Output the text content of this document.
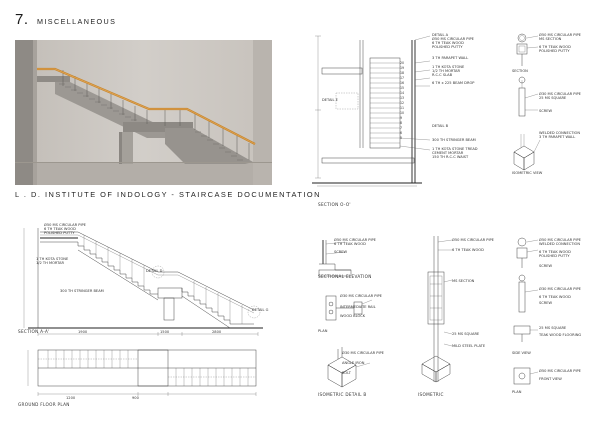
7. MISCELLANEOUS
L . D. INSTITUTE OF INDOLOGY - STAIRCASE DOCUMENTATION
20
19
18
17
16
15
14
13
12
11
10
9
8
7
6
5
DETAIL A
Ø50 MS CIRCULAR PIPE
6 TH TEAK WOOD
POLISHED PUTTY
3 TH PARAPET WALL
1 TH KOTA STONE
1/2 TH MORTAR
R.C.C SLAB
6 TH x 225 BEAM DROP
DETAIL E
DETAIL B
300 TH STRINGER BEAM
1 TH KOTA STONE TREAD
CEMENT MORTAR
150 TH R.C.C WAIST
SECTION O-O'
Ø50 MS CIRCULAR PIPE
MS SECTION
6 TH TEAK WOOD
POLISHED PUTTY
SECTION
Ø30 MS CIRCULAR PIPE
25 MS SQUARE
SCREW
WELDED CONNECTION
3 TH PARAPET WALL
ISOMETRIC VIEW
Ø50 MS CIRCULAR PIPE
6 TH TEAK WOOD
POLISHED PUTTY
1 TH KOTA STONE
1/2 TH MORTAR
DETAIL D
300 TH STRINGER BEAM
DETAIL G
1900	1500	2800
SECTION A-A'
1200	900
GROUND FLOOR PLAN
Ø50 MS CIRCULAR PIPE
6 TH TEAK WOOD
SCREW
SECTIONAL ELEVATION
Ø30 MS CIRCULAR PIPE
INTERMEDIATE RAIL
WOOD BLOCK
PLAN
Ø30 MS CIRCULAR PIPE
ANGLE IRON
BOLT
ISOMETRIC DETAIL B
Ø50 MS CIRCULAR PIPE
6 TH TEAK WOOD
MS SECTION
25 MS SQUARE
MILD STEEL PLATE
ISOMETRIC
Ø50 MS CIRCULAR PIPE
WELDED CONNECTION
6 TH TEAK WOOD
POLISHED PUTTY
SCREW
Ø30 MS CIRCULAR PIPE
6 TH TEAK WOOD
SCREW
25 MS SQUARE
TEAK WOOD FLOORING
SIDE VIEW
Ø50 MS CIRCULAR PIPE
FRONT VIEW
PLAN
